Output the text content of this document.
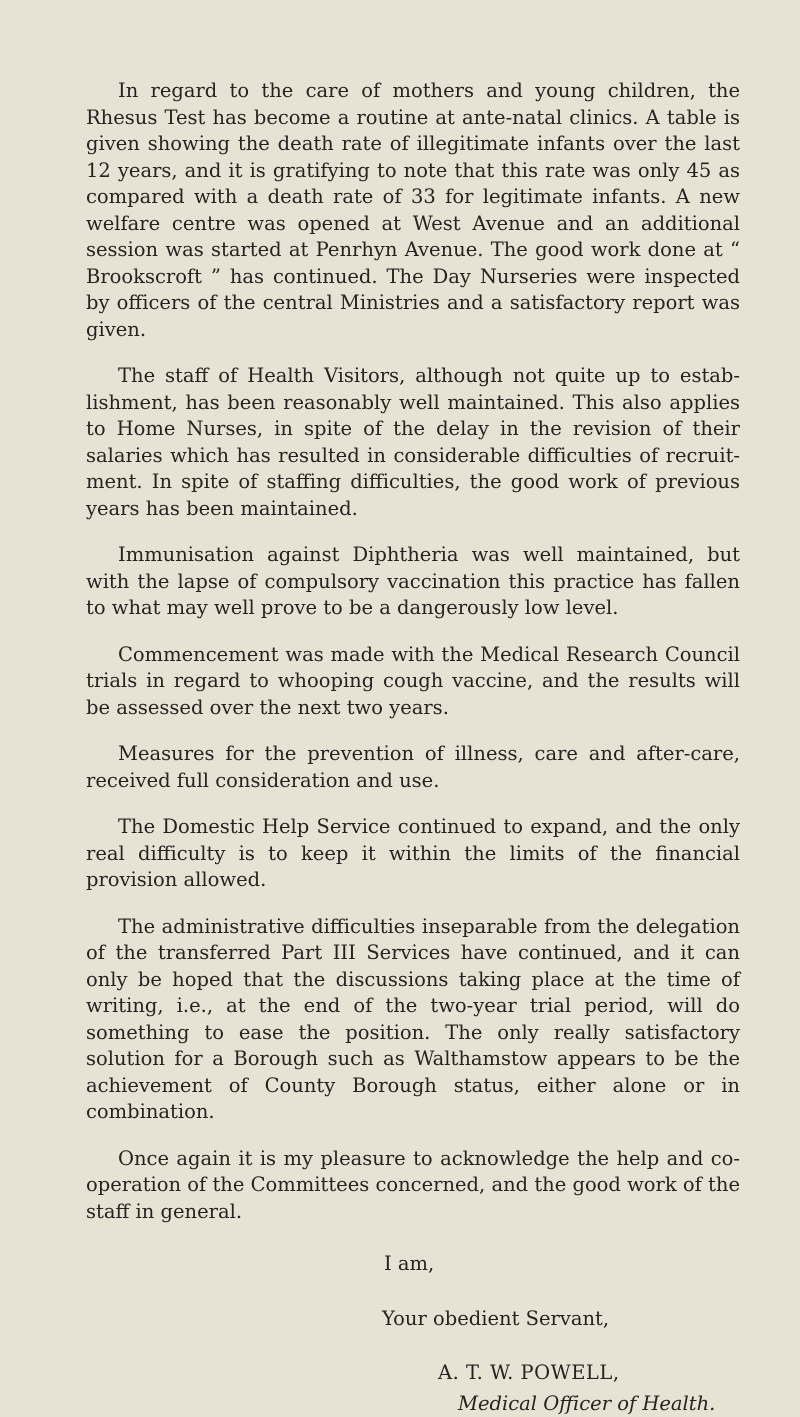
In regard to the care of mothers and young children, the Rhesus Test has become a routine at ante-natal clinics. A table is given showing the death rate of illegitimate infants over the last 12 years, and it is gratifying to note that this rate was only 45 as compared with a death rate of 33 for legitimate infants. A new welfare centre was opened at West Avenue and an additional session was started at Penrhyn Avenue. The good work done at “ Brookscroft ” has continued. The Day Nurseries were inspected by officers of the central Ministries and a satisfactory report was given.

The staff of Health Visitors, although not quite up to estab-lishment, has been reasonably well maintained. This also applies to Home Nurses, in spite of the delay in the revision of their salaries which has resulted in considerable difficulties of recruit-ment. In spite of staffing difficulties, the good work of previous years has been maintained.

Immunisation against Diphtheria was well maintained, but with the lapse of compulsory vaccination this practice has fallen to what may well prove to be a dangerously low level.

Commencement was made with the Medical Research Council trials in regard to whooping cough vaccine, and the results will be assessed over the next two years.

Measures for the prevention of illness, care and after-care, received full consideration and use.

The Domestic Help Service continued to expand, and the only real difficulty is to keep it within the limits of the financial provision allowed.

The administrative difficulties inseparable from the delegation of the transferred Part III Services have continued, and it can only be hoped that the discussions taking place at the time of writing, i.e., at the end of the two-year trial period, will do something to ease the position. The only really satisfactory solution for a Borough such as Walthamstow appears to be the achievement of County Borough status, either alone or in combination.

Once again it is my pleasure to acknowledge the help and co-operation of the Committees concerned, and the good work of the staff in general.

I am,
Your obedient Servant,
A. T. W. POWELL,
Medical Officer of Health.
